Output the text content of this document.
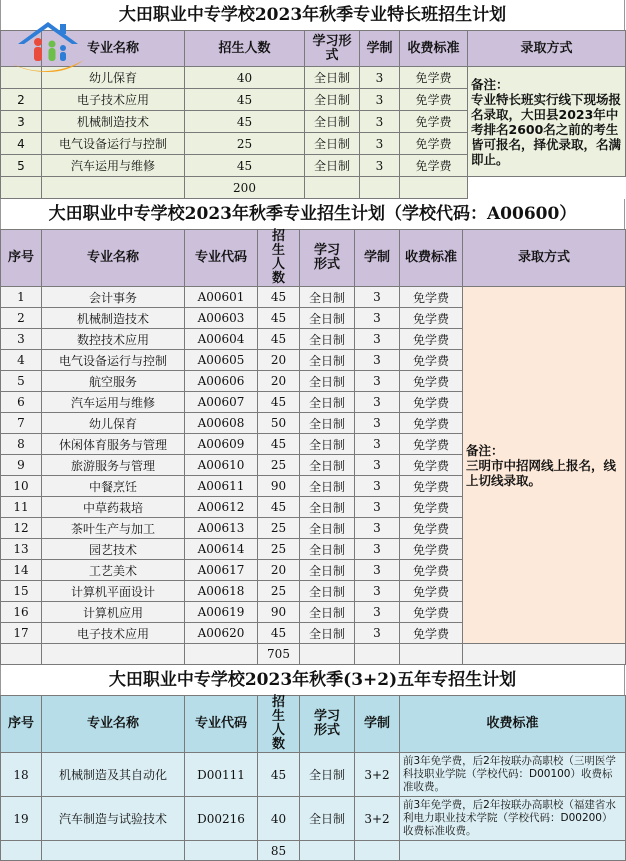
大田职业中专学校2023年秋季专业特长班招生计划
	专业名称	招生人数	学习形式	学制	收费标准	录取方式
	幼儿保育	40	全日制	3	免学费	备注：
专业特长班实行线下现场报名录取，大田县2023年中考排名2600名之前的考生皆可报名，择优录取，名满即止。
2	电子技术应用	45	全日制	3	免学费	
3	机械制造技术	45	全日制	3	免学费	
4	电气设备运行与控制	25	全日制	3	免学费	
5	汽车运用与维修	45	全日制	3	免学费	
		200				
大田职业中专学校2023年秋季专业招生计划（学校代码：A00600）
序号	专业名称	专业代码	招生人数	学习形式	学制	收费标准	录取方式
1	会计事务	A00601	45	全日制	3	免学费	备注：
三明市中招网线上报名，线上切线录取。
2	机械制造技术	A00603	45	全日制	3	免学费	
3	数控技术应用	A00604	45	全日制	3	免学费	
4	电气设备运行与控制	A00605	20	全日制	3	免学费	
5	航空服务	A00606	20	全日制	3	免学费	
6	汽车运用与维修	A00607	45	全日制	3	免学费	
7	幼儿保育	A00608	50	全日制	3	免学费	
8	休闲体育服务与管理	A00609	45	全日制	3	免学费	
9	旅游服务与管理	A00610	25	全日制	3	免学费	
10	中餐烹饪	A00611	90	全日制	3	免学费	
11	中草药栽培	A00612	45	全日制	3	免学费	
12	茶叶生产与加工	A00613	25	全日制	3	免学费	
13	园艺技术	A00614	25	全日制	3	免学费	
14	工艺美术	A00617	20	全日制	3	免学费	
15	计算机平面设计	A00618	25	全日制	3	免学费	
16	计算机应用	A00619	90	全日制	3	免学费	
17	电子技术应用	A00620	45	全日制	3	免学费	
			705				
大田职业中专学校2023年秋季(3+2)五年专招生计划
序号	专业名称	专业代码	招生人数	学习形式	学制	收费标准
18	机械制造及其自动化	D00111	45	全日制	3+2	前3年免学费，后2年按联办高职校（三明医学科技职业学院（学校代码：D00100）收费标准收费。
19	汽车制造与试验技术	D00216	40	全日制	3+2	前3年免学费，后2年按联办高职校（福建省水利电力职业技术学院（学校代码：D00200）收费标准收费。
			85			
